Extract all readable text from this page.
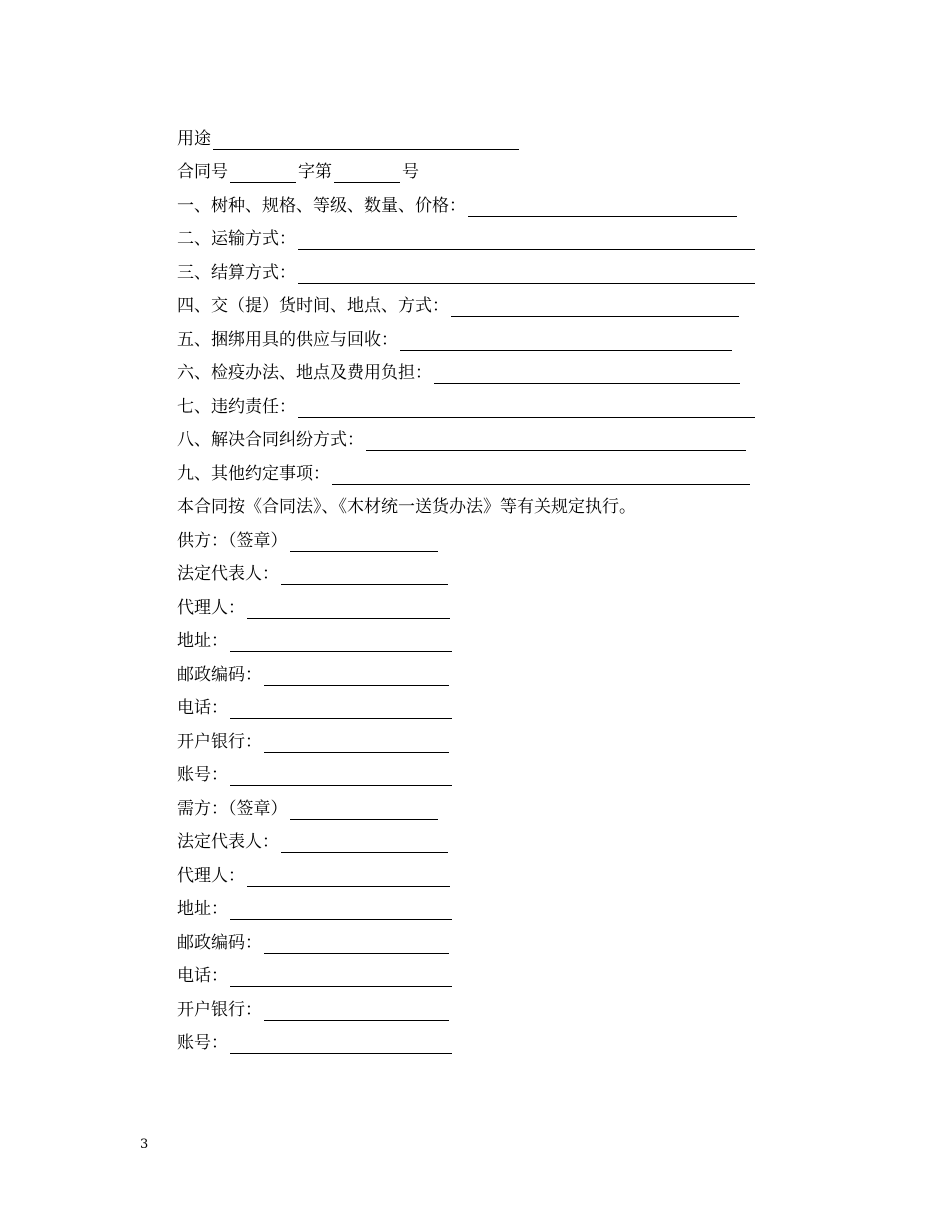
用途
合同号	字第	号
一、树种、规格、等级、数量、价格：
二、运输方式：
三、结算方式：
四、交（提）货时间、地点、方式：
五、捆绑用具的供应与回收：
六、检疫办法、地点及费用负担：
七、违约责任：
八、解决合同纠纷方式：
九、其他约定事项：
本合同按《合同法》、《木材统一送货办法》等有关规定执行。
供方：（签章）
法定代表人：
代理人：
地址：
邮政编码：
电话：
开户银行：
账号：
需方：（签章）
法定代表人：
代理人：
地址：
邮政编码：
电话：
开户银行：
账号：
3
